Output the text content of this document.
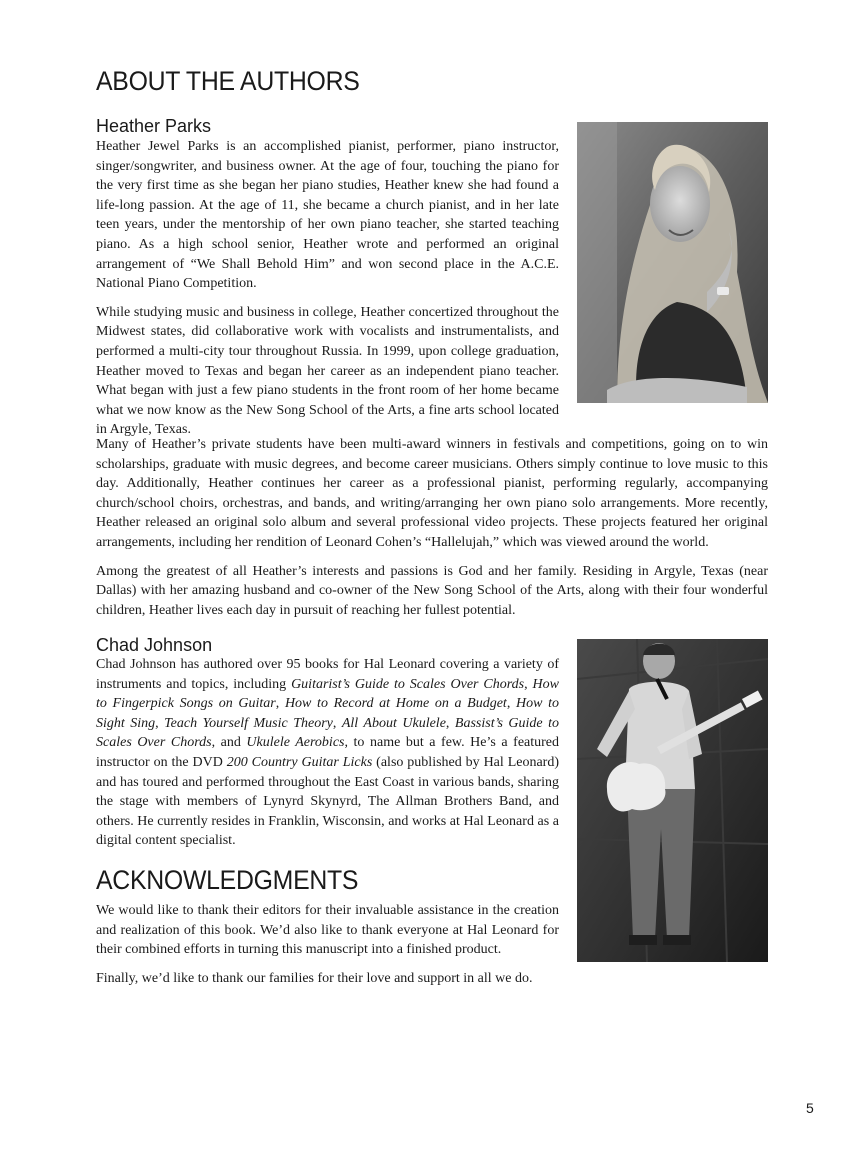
ABOUT THE AUTHORS
Heather Parks

Heather Jewel Parks is an accomplished pianist, performer, piano instructor, singer/songwriter, and business owner. At the age of four, touching the piano for the very first time as she began her piano studies, Heather knew she had found a life-long passion. At the age of 11, she became a church pianist, and in her late teen years, under the mentorship of her own piano teacher, she started teaching piano. As a high school senior, Heather wrote and performed an original arrangement of “We Shall Behold Him” and won second place in the A.C.E. National Piano Competition.

While studying music and business in college, Heather concertized throughout the Midwest states, did collaborative work with vocalists and instrumentalists, and performed a multi-city tour throughout Russia. In 1999, upon college graduation, Heather moved to Texas and began her career as an independent piano teacher. What began with just a few piano students in the front room of her home became what we now know as the New Song School of the Arts, a fine arts school located in Argyle, Texas.

Many of Heather’s private students have been multi-award winners in festivals and competitions, going on to win scholarships, graduate with music degrees, and become career musicians. Others simply continue to love music to this day. Additionally, Heather continues her career as a professional pianist, performing regularly, accompanying church/school choirs, orchestras, and bands, and writing/arranging her own piano solo arrangements. More recently, Heather released an original solo album and several professional video projects. These projects featured her original arrangements, including her rendition of Leonard Cohen’s “Hallelujah,” which was viewed around the world.

Among the greatest of all Heather’s interests and passions is God and her family. Residing in Argyle, Texas (near Dallas) with her amazing husband and co-owner of the New Song School of the Arts, along with their four wonderful children, Heather lives each day in pursuit of reaching her fullest potential.

Chad Johnson

Chad Johnson has authored over 95 books for Hal Leonard covering a variety of instruments and topics, including Guitarist’s Guide to Scales Over Chords, How to Fingerpick Songs on Guitar, How to Record at Home on a Budget, How to Sight Sing, Teach Yourself Music Theory, All About Ukulele, Bassist’s Guide to Scales Over Chords, and Ukulele Aerobics, to name but a few. He’s a featured instructor on the DVD 200 Country Guitar Licks (also published by Hal Leonard) and has toured and performed throughout the East Coast in various bands, sharing the stage with members of Lynyrd Skynyrd, The Allman Brothers Band, and others. He currently resides in Franklin, Wisconsin, and works at Hal Leonard as a digital content specialist.

ACKNOWLEDGMENTS

We would like to thank their editors for their invaluable assistance in the creation and realization of this book. We’d also like to thank everyone at Hal Leonard for their combined efforts in turning this manuscript into a finished product.

Finally, we’d like to thank our families for their love and support in all we do.

5
